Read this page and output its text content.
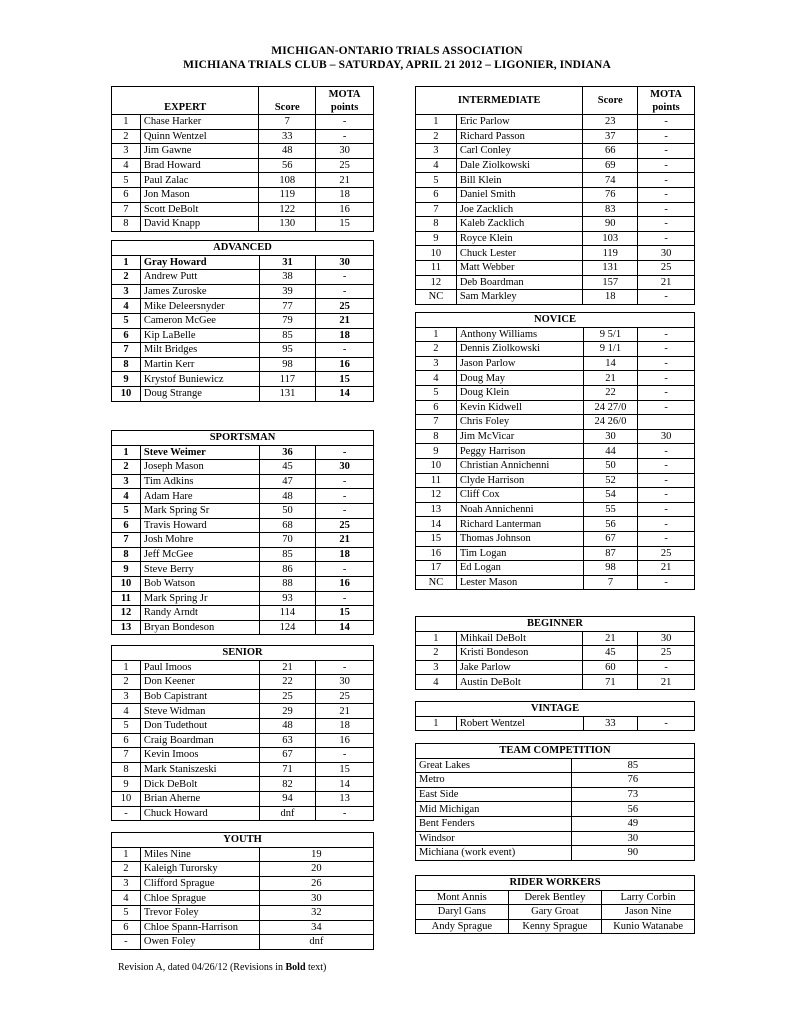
MICHIGAN-ONTARIO TRIALS ASSOCIATION
MICHIANA TRIALS CLUB – SATURDAY, APRIL 21 2012 – LIGONIER, INDIANA
EXPERT		Score	MOTA
points
1	Chase Harker	7	-
2	Quinn Wentzel	33	-
3	Jim Gawne	48	30
4	Brad Howard	56	25
5	Paul Zalac	108	21
6	Jon Mason	119	18
7	Scott DeBolt	122	16
8	David Knapp	130	15
ADVANCED			
1	Gray Howard	31	30
2	Andrew Putt	38	-
3	James Zuroske	39	-
4	Mike Deleersnyder	77	25
5	Cameron McGee	79	21
6	Kip LaBelle	85	18
7	Milt Bridges	95	-
8	Martin Kerr	98	16
9	Krystof Buniewicz	117	15
10	Doug Strange	131	14
SPORTSMAN			
1	Steve Weimer	36	-
2	Joseph Mason	45	30
3	Tim Adkins	47	-
4	Adam Hare	48	-
5	Mark Spring Sr	50	-
6	Travis Howard	68	25
7	Josh Mohre	70	21
8	Jeff McGee	85	18
9	Steve Berry	86	-
10	Bob Watson	88	16
11	Mark Spring Jr	93	-
12	Randy Arndt	114	15
13	Bryan Bondeson	124	14
SENIOR			
1	Paul Imoos	21	-
2	Don Keener	22	30
3	Bob Capistrant	25	25
4	Steve Widman	29	21
5	Don Tudethout	48	18
6	Craig Boardman	63	16
7	Kevin Imoos	67	-
8	Mark Staniszeski	71	15
9	Dick DeBolt	82	14
10	Brian Aherne	94	13
-	Chuck Howard	dnf	-
YOUTH		
1	Miles Nine	19
2	Kaleigh Turorsky	20
3	Clifford Sprague	26
4	Chloe Sprague	30
5	Trevor Foley	32
6	Chloe Spann-Harrison	34
-	Owen Foley	dnf
INTERMEDIATE		Score	MOTA
points
1	Eric Parlow	23	-
2	Richard Passon	37	-
3	Carl Conley	66	-
4	Dale Ziolkowski	69	-
5	Bill Klein	74	-
6	Daniel Smith	76	-
7	Joe Zacklich	83	-
8	Kaleb Zacklich	90	-
9	Royce Klein	103	-
10	Chuck Lester	119	30
11	Matt Webber	131	25
12	Deb Boardman	157	21
NC	Sam Markley	18	-
NOVICE			
1	Anthony Williams	9 5/1	-
2	Dennis Ziolkowski	9 1/1	-
3	Jason Parlow	14	-
4	Doug May	21	-
5	Doug Klein	22	-
6	Kevin Kidwell	24 27/0	-
7	Chris Foley	24 26/0	
8	Jim McVicar	30	30
9	Peggy Harrison	44	-
10	Christian Annichenni	50	-
11	Clyde Harrison	52	-
12	Cliff Cox	54	-
13	Noah Annichenni	55	-
14	Richard Lanterman	56	-
15	Thomas Johnson	67	-
16	Tim Logan	87	25
17	Ed Logan	98	21
NC	Lester Mason	7	-
BEGINNER			
1	Mihkail DeBolt	21	30
2	Kristi Bondeson	45	25
3	Jake Parlow	60	-
4	Austin DeBolt	71	21
VINTAGE
1	Robert Wentzel	33	-
TEAM COMPETITION	
Great Lakes	85
Metro	76
East Side	73
Mid Michigan	56
Bent Fenders	49
Windsor	30
Michiana (work event)	90
RIDER WORKERS		
Mont Annis	Derek Bentley	Larry Corbin
Daryl Gans	Gary Groat	Jason Nine
Andy Sprague	Kenny Sprague	Kunio Watanabe
Revision A, dated 04/26/12 (Revisions in Bold text)
